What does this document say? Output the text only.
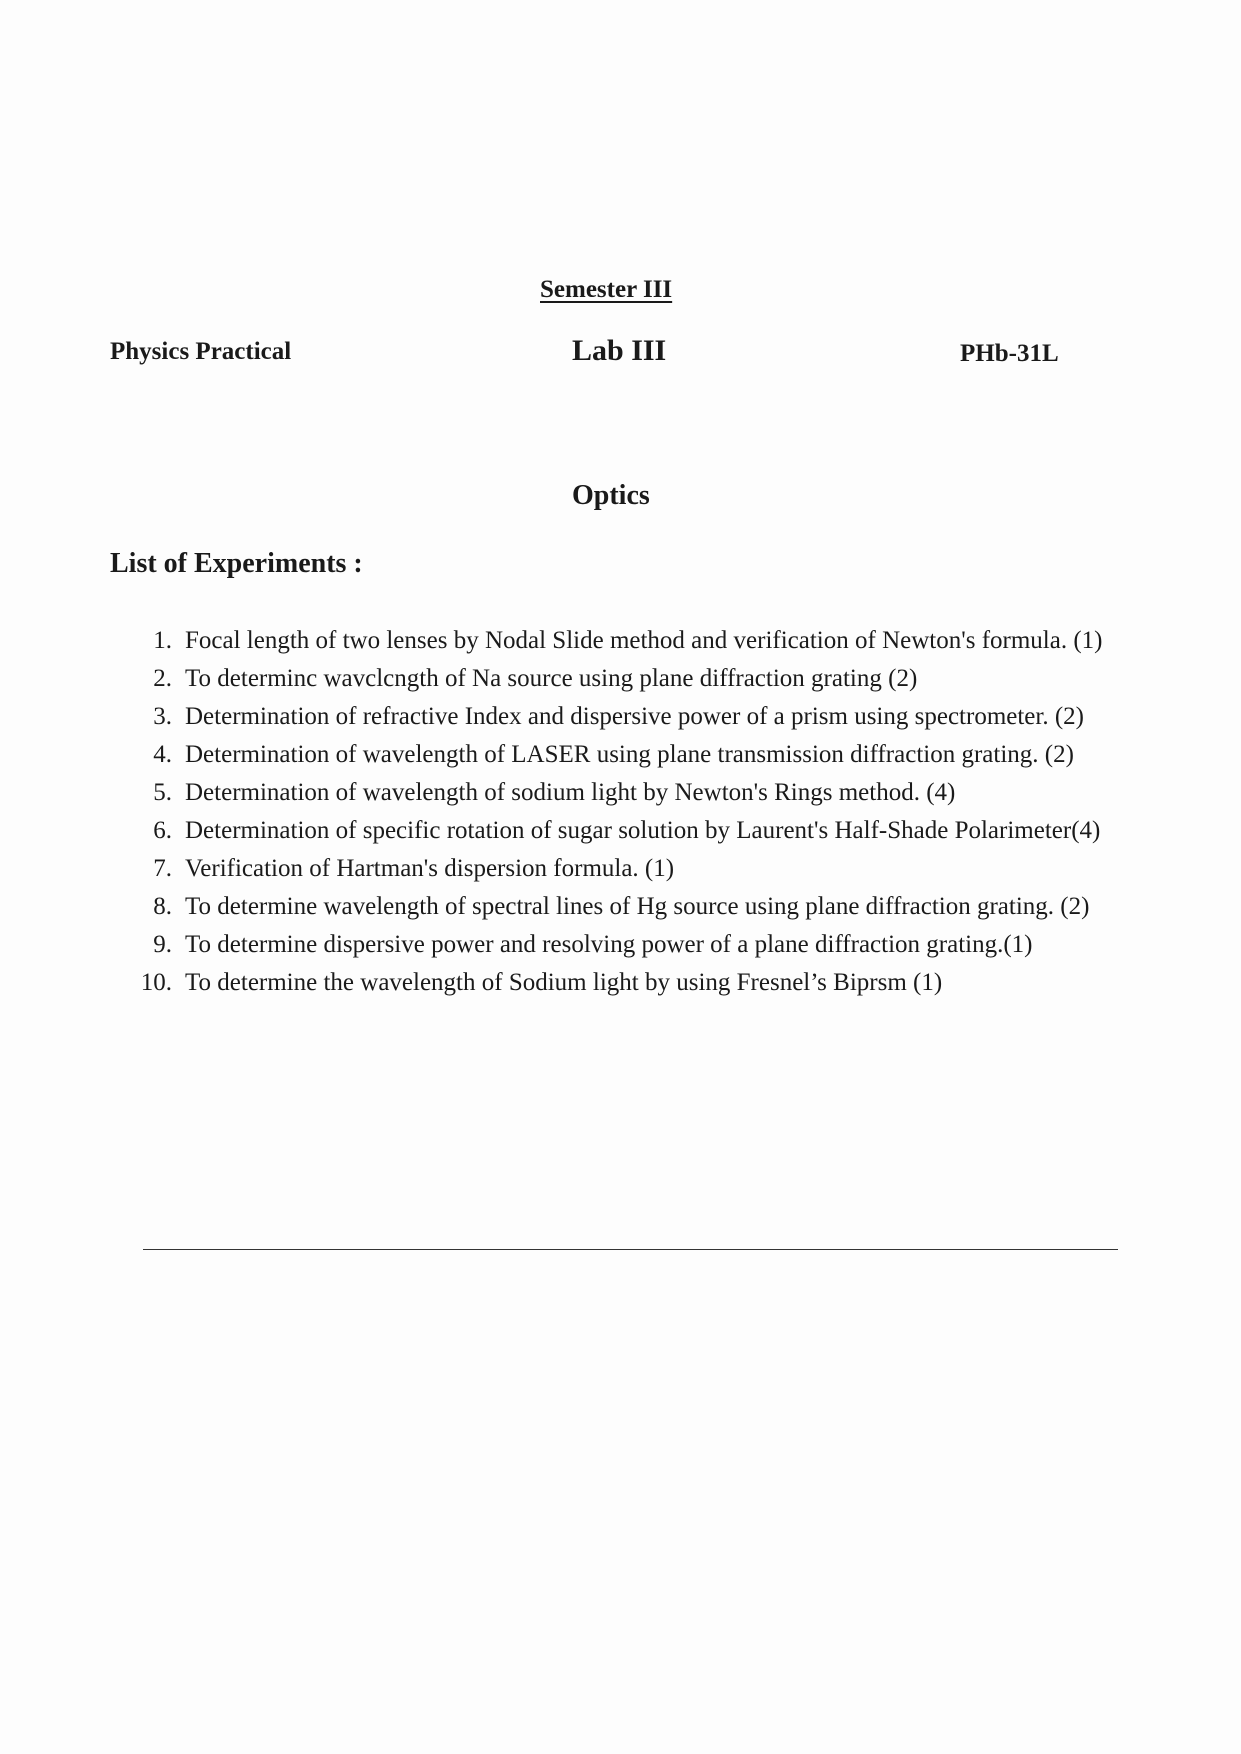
Semester III
Physics Practical	Lab III	PHb-31L
Optics
List of Experiments :
1. Focal length of two lenses by Nodal Slide method and verification of Newton's formula. (1)
2. To determinc wavclcngth of Na source using plane diffraction grating (2)
3. Determination of refractive Index and dispersive power of a prism using spectrometer. (2)
4. Determination of wavelength of LASER using plane transmission diffraction grating. (2)
5. Determination of wavelength of sodium light by Newton's Rings method. (4)
6. Determination of specific rotation of sugar solution by Laurent's Half-Shade Polarimeter(4)
7. Verification of Hartman's dispersion formula. (1)
8. To determine wavelength of spectral lines of Hg source using plane diffraction grating. (2)
9. To determine dispersive power and resolving power of a plane diffraction grating.(1)
10. To determine the wavelength of Sodium light by using Fresnel’s Biprsm (1)
